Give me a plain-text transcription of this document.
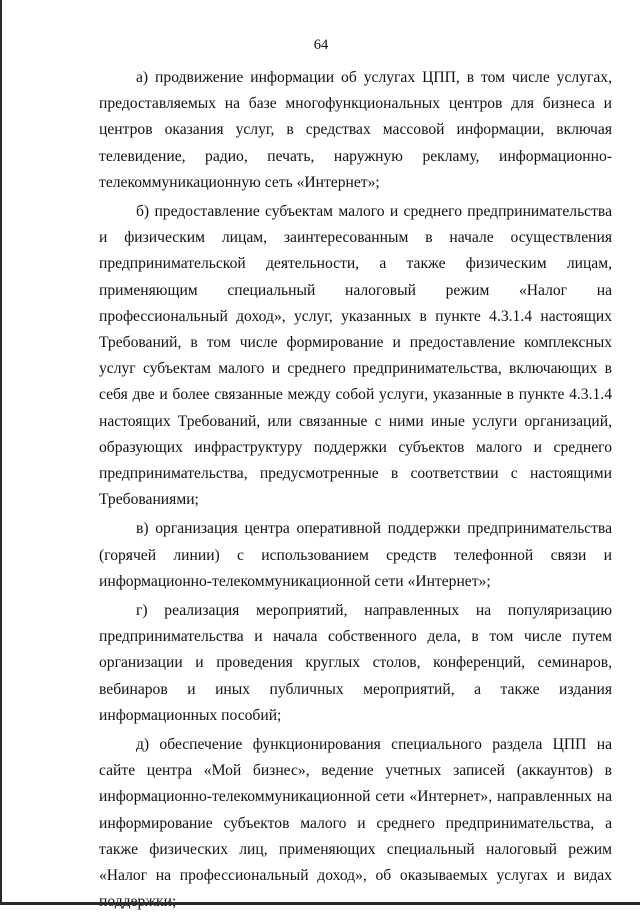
64

а) продвижение информации об услугах ЦПП, в том числе услугах, предоставляемых на базе многофункциональных центров для бизнеса и центров оказания услуг, в средствах массовой информации, включая телевидение, радио, печать, наружную рекламу, информационно-телекоммуникационную сеть «Интернет»;

б) предоставление субъектам малого и среднего предпринимательства и физическим лицам, заинтересованным в начале осуществления предпринимательской деятельности, а также физическим лицам, применяющим специальный налоговый режим «Налог на профессиональный доход», услуг, указанных в пункте 4.3.1.4 настоящих Требований, в том числе формирование и предоставление комплексных услуг субъектам малого и среднего предпринимательства, включающих в себя две и более связанные между собой услуги, указанные в пункте 4.3.1.4 настоящих Требований, или связанные с ними иные услуги организаций, образующих инфраструктуру поддержки субъектов малого и среднего предпринимательства, предусмотренные в соответствии с настоящими Требованиями;

в) организация центра оперативной поддержки предпринимательства (горячей линии) с использованием средств телефонной связи и информационно-телекоммуникационной сети «Интернет»;

г) реализация мероприятий, направленных на популяризацию предпринимательства и начала собственного дела, в том числе путем организации и проведения круглых столов, конференций, семинаров, вебинаров и иных публичных мероприятий, а также издания информационных пособий;

д) обеспечение функционирования специального раздела ЦПП на сайте центра «Мой бизнес», ведение учетных записей (аккаунтов) в информационно-телекоммуникационной сети «Интернет», направленных на информирование субъектов малого и среднего предпринимательства, а также физических лиц, применяющих специальный налоговый режим «Налог на профессиональный доход», об оказываемых услугах и видах
